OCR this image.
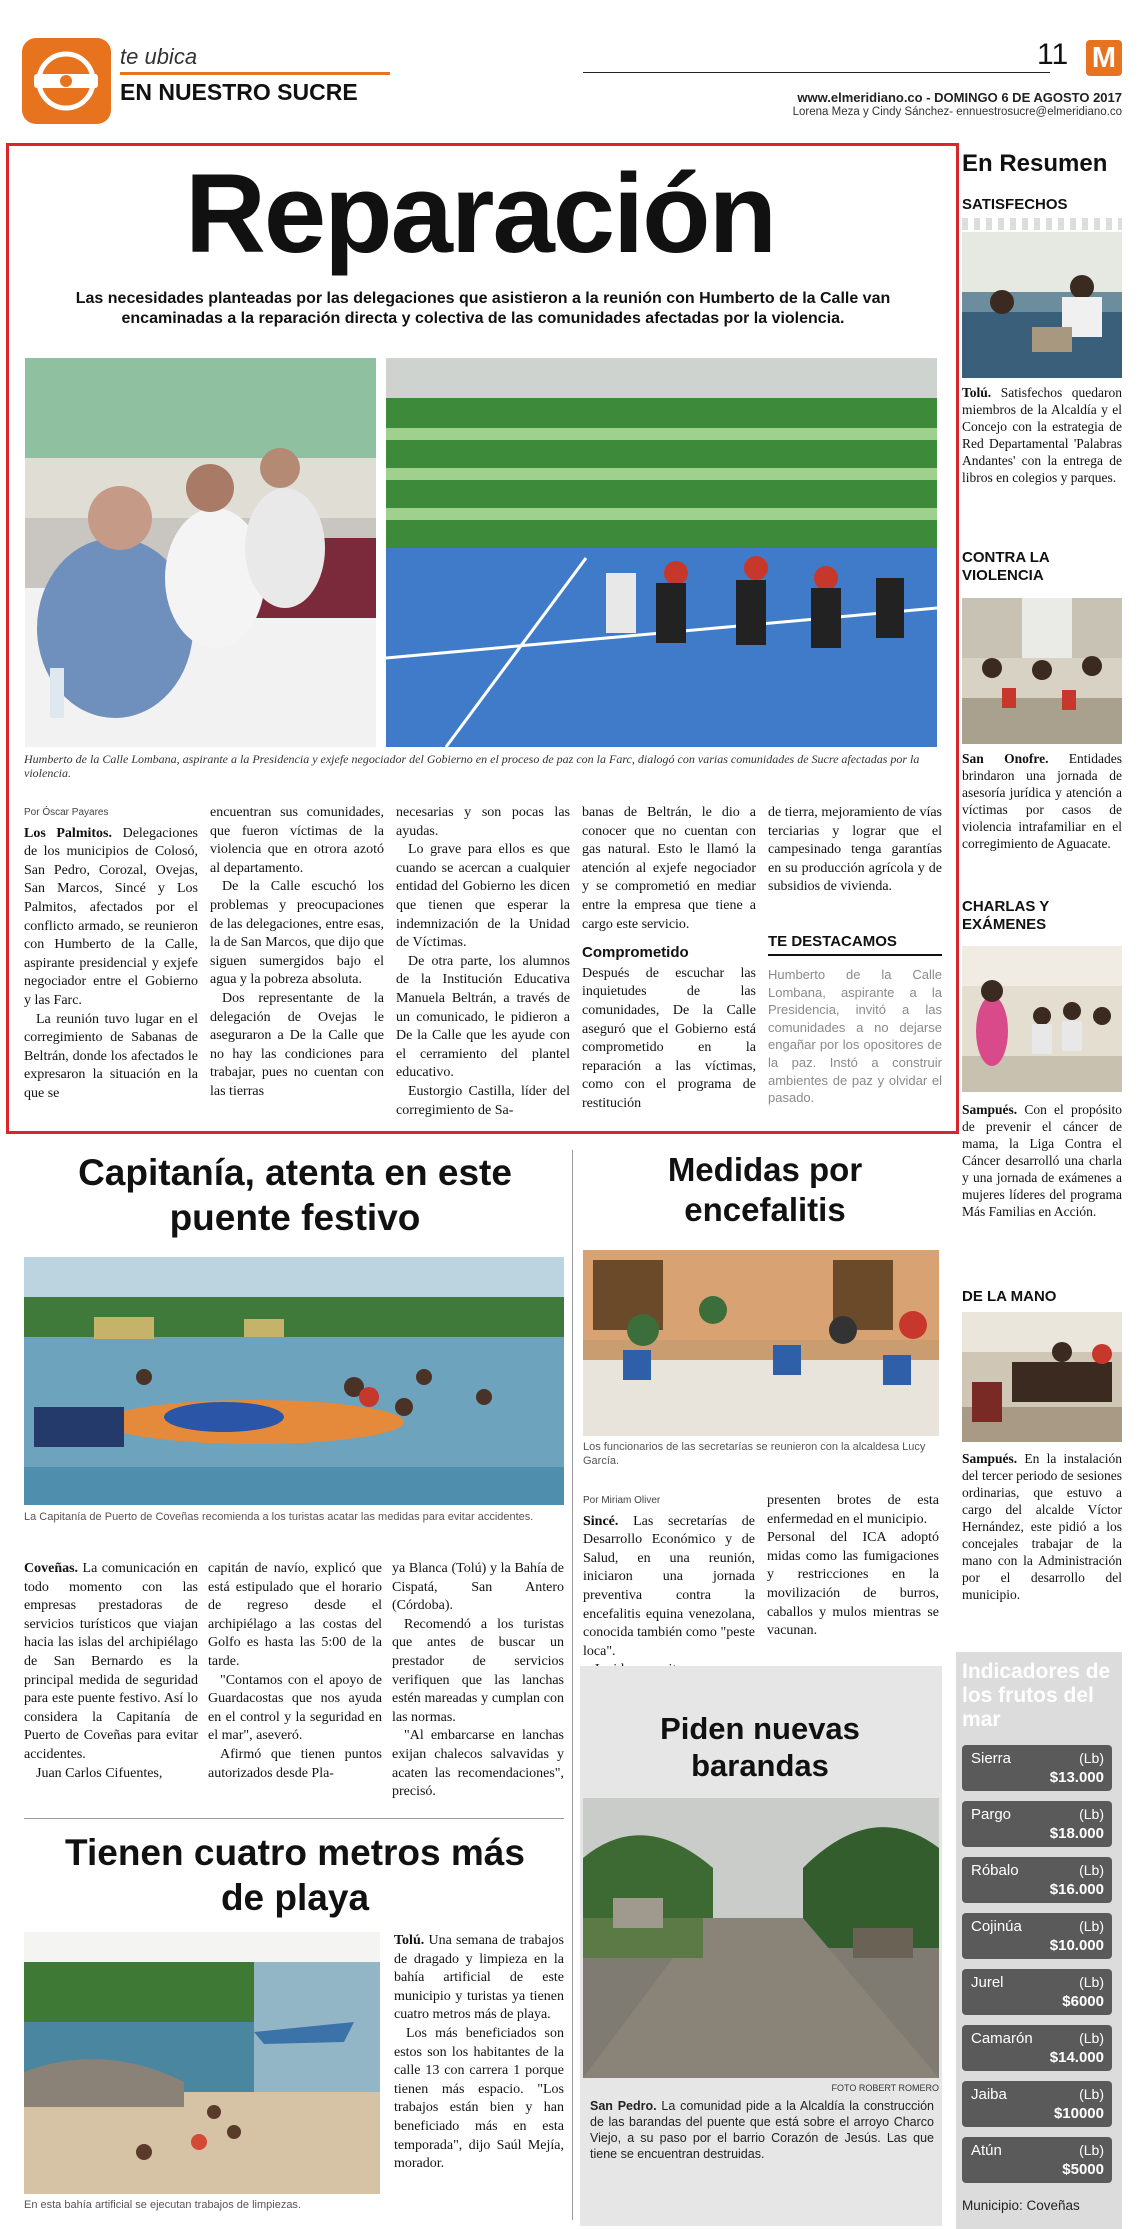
te ubica
EN NUESTRO SUCRE
11 M
www.elmeridiano.co - DOMINGO 6 DE AGOSTO 2017
Lorena Meza y Cindy Sánchez- ennuestrosucre@elmeridiano.co
Reparación
Las necesidades planteadas por las delegaciones que asistieron a la reunión con Humberto de la Calle van encaminadas a la reparación directa y colectiva de las comunidades afectadas por la violencia.
Humberto de la Calle Lombana, aspirante a la Presidencia y exjefe negociador del Gobierno en el proceso de paz con la Farc, dialogó con varias comunidades de Sucre afectadas por la violencia.
Por Óscar Payares

Los Palmitos. Delegaciones de los municipios de Colosó, San Pedro, Corozal, Ovejas, San Marcos, Sincé y Los Palmitos, afectados por el conflicto armado, se reunieron con Humberto de la Calle, aspirante presidencial y exjefe negociador entre el Gobierno y las Farc.

La reunión tuvo lugar en el corregimiento de Sabanas de Beltrán, donde los afectados le expresaron la situación en la que se

encuentran sus comunidades, que fueron víctimas de la violencia que en otrora azotó al departamento.

De la Calle escuchó los problemas y preocupaciones de las delegaciones, entre esas, la de San Marcos, que dijo que siguen sumergidos bajo el agua y la pobreza absoluta.

Dos representante de la delegación de Ovejas le aseguraron a De la Calle que no hay las condiciones para trabajar, pues no cuentan con las tierras

necesarias y son pocas las ayudas.

Lo grave para ellos es que cuando se acercan a cualquier entidad del Gobierno les dicen que tienen que esperar la indemnización de la Unidad de Víctimas.

De otra parte, los alumnos de la Institución Educativa Manuela Beltrán, a través de un comunicado, le pidieron a De la Calle que les ayude con el cerramiento del plantel educativo.

Eustorgio Castilla, líder del corregimiento de Sa-

banas de Beltrán, le dio a conocer que no cuentan con gas natural. Esto le llamó la atención al exjefe negociador y se comprometió en mediar entre la empresa que tiene a cargo este servicio.

Comprometido

Después de escuchar las inquietudes de las comunidades, De la Calle aseguró que el Gobierno está comprometido en la reparación a las víctimas, como con el programa de restitución

de tierra, mejoramiento de vías terciarias y lograr que el campesinado tenga garantías en su producción agrícola y de subsidios de vivienda.

TE DESTACAMOS
Humberto de la Calle Lombana, aspirante a la Presidencia, invitó a las comunidades a no dejarse engañar por los opositores de la paz. Instó a construir ambientes de paz y olvidar el pasado.
Capitanía, atenta en este puente festivo
La Capitanía de Puerto de Coveñas recomienda a los turistas acatar las medidas para evitar accidentes.

Coveñas. La comunicación en todo momento con las empresas prestadoras de servicios turísticos que viajan hacia las islas del archipiélago de San Bernardo es la principal medida de seguridad para este puente festivo. Así lo considera la Capitanía de Puerto de Coveñas para evitar accidentes.

Juan Carlos Cifuentes,

capitán de navío, explicó que está estipulado que el horario de regreso desde el archipiélago a las costas del Golfo es hasta las 5:00 de la tarde.

"Contamos con el apoyo de Guardacostas que nos ayuda en el control y la seguridad en el mar", aseveró.

Afirmó que tienen puntos autorizados desde Pla-

ya Blanca (Tolú) y la Bahía de Cispatá, San Antero (Córdoba).

Recomendó a los turistas que antes de buscar un prestador de servicios verifiquen que las lanchas estén mareadas y cumplan con las normas.

"Al embarcarse en lanchas exijan chalecos salvavidas y acaten las recomendaciones", precisó.

Tienen cuatro metros más de playa
En esta bahía artificial se ejecutan trabajos de limpiezas.

Tolú. Una semana de trabajos de dragado y limpieza en la bahía artificial de este municipio y turistas ya tienen cuatro metros más de playa.

Los más beneficiados son estos son los habitantes de la calle 13 con carrera 1 porque tienen más espacio. "Los trabajos están bien y han beneficiado más en esta temporada", dijo Saúl Mejía, morador.

Medidas por encefalitis
Los funcionarios de las secretarías se reunieron con la alcaldesa Lucy García.
Por Miriam Oliver

Sincé. Las secretarías de Desarrollo Económico y de Salud, en una reunión, iniciaron una jornada preventiva contra la encefalitis equina venezolana, conocida también como "peste loca".

presenten brotes de esta enfermedad en el municipio.

Personal del ICA adoptó midas como las fumigaciones y restricciones en la movilización de burros, caballos y mulos mientras se vacunan.

Piden nuevas barandas
FOTO ROBERT ROMERO
San Pedro. La comunidad pide a la Alcaldía la construcción de las barandas del puente que está sobre el arroyo Charco Viejo, a su paso por el barrio Corazón de Jesús. Las que tiene se encuentran destruidas.
En Resumen
SATISFECHOS
Tolú. Satisfechos quedaron miembros de la Alcaldía y el Concejo con la estrategia de Red Departamental 'Palabras Andantes' con la entrega de libros en colegios y parques.
CONTRA LA VIOLENCIA
San Onofre. Entidades brindaron una jornada de asesoría jurídica y atención a víctimas por casos de violencia intrafamiliar en el corregimiento de Aguacate.
CHARLAS Y EXÁMENES
Sampués. Con el propósito de prevenir el cáncer de mama, la Liga Contra el Cáncer desarrolló una charla y una jornada de exámenes a mujeres líderes del programa Más Familias en Acción.
DE LA MANO
Sampués. En la instalación del tercer periodo de sesiones ordinarias, que estuvo a cargo del alcalde Víctor Hernández, este pidió a los concejales trabajar de la mano con la Administración por el desarrollo del municipio.
Indicadores de los frutos del mar
Sierra	(Lb)
$13.000
Pargo	(Lb)
$18.000
Róbalo	(Lb)
$16.000
Cojinúa	(Lb)
$10.000
Jurel	(Lb)
$6000
Camarón	(Lb)
$14.000
Jaiba	(Lb)
$10000
Atún	(Lb)
$5000
Municipio: Coveñas
